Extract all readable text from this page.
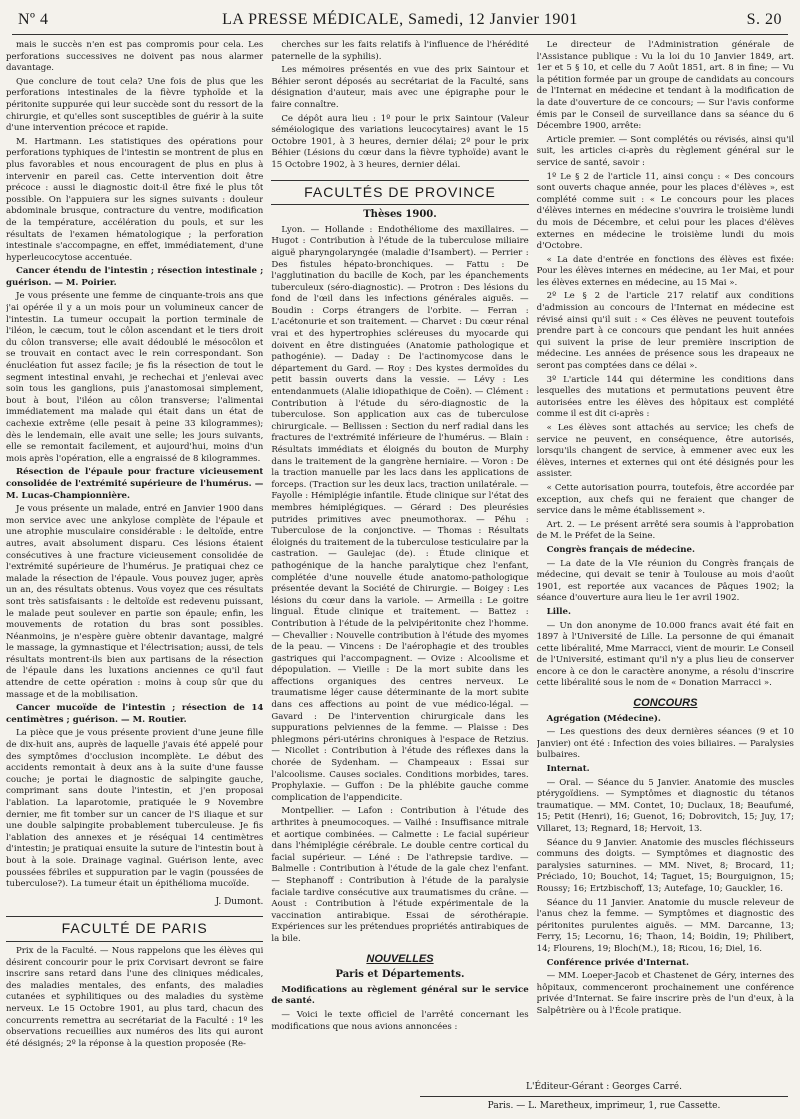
Nº 4	LA PRESSE MÉDICALE, Samedi, 12 Janvier 1901	S. 20

mais le succès n'en est pas compromis pour cela. Les perforations successives ne doivent pas nous alarmer davantage.

Que conclure de tout cela? Une fois de plus que les perforations intestinales de la fièvre typhoïde et la péritonite suppurée qui leur succède sont du ressort de la chirurgie, et qu'elles sont susceptibles de guérir à la suite d'une intervention précoce et rapide.

M. Hartmann. Les statistiques des opérations pour perforations typhiques de l'intestin se montrent de plus en plus favorables et nous encouragent de plus en plus à intervenir en pareil cas. Cette intervention doit être précoce : aussi le diagnostic doit-il être fixé le plus tôt possible. On l'appuiera sur les signes suivants : douleur abdominale brusque, contracture du ventre, modification de la température, accélération du pouls, et sur les résultats de l'examen hématologique ; la perforation intestinale s'accompagne, en effet, immédiatement, d'une hyperleucocytose accentuée.

Cancer étendu de l'intestin ; résection intestinale ; guérison. — M. Poirier.

Je vous présente une femme de cinquante-trois ans que j'ai opérée il y a un mois pour un volumineux cancer de l'intestin. La tumeur occupait la portion terminale de l'iléon, le cæcum, tout le côlon ascendant et le tiers droit du côlon transverse; elle avait dédoublé le mésocôlon et se trouvait en contact avec le rein correspondant. Son énucléation fut assez facile; je fis la résection de tout le segment intestinal envahi, je rechechai et j'enlevai avec soin tous les ganglions, puis j'anastomosai simplement, bout à bout, l'iléon au côlon transverse; l'alimentai immédiatement ma malade qui était dans un état de cachexie extrême (elle pesait à peine 33 kilogrammes); dès le lendemain, elle avait une selle; les jours suivants, elle se remontait facilement, et aujourd'hui, moins d'un mois après l'opération, elle a engraissé de 8 kilogrammes.

Résection de l'épaule pour fracture vicieusement consolidée de l'extrémité supérieure de l'humérus. — M. Lucas-Championnière.

Je vous présente un malade, entré en Janvier 1900 dans mon service avec une ankylose complète de l'épaule et une atrophie musculaire considérable : le deltoïde, entre autres, avait absolument disparu. Ces lésions étaient consécutives à une fracture vicieusement consolidée de l'extrémité supérieure de l'humérus. Je pratiquai chez ce malade la résection de l'épaule. Vous pouvez juger, après un an, des résultats obtenus. Vous voyez que ces résultats sont très satisfaisants : le deltoïde est redevenu puissant, le malade peut soulever en partie son épaule; enfin, les mouvements de rotation du bras sont possibles. Néanmoins, je n'espère guère obtenir davantage, malgré le massage, la gymnastique et l'électrisation; aussi, de tels résultats montrent-ils bien aux partisans de la résection de l'épaule dans les luxations anciennes ce qu'il faut attendre de cette opération : moins à coup sûr que du massage et de la mobilisation.

Cancer mucoïde de l'intestin ; résection de 14 centimètres ; guérison. — M. Routier.

La pièce que je vous présente provient d'une jeune fille de dix-huit ans, auprès de laquelle j'avais été appelé pour des symptômes d'occlusion incomplète. Le début des accidents remontait à deux ans à la suite d'une fausse couche; je portai le diagnostic de salpingite gauche, comprimant sans doute l'intestin, et j'en proposai l'ablation. La laparotomie, pratiquée le 9 Novembre dernier, me fit tomber sur un cancer de l'S iliaque et sur une double salpingite probablement tuberculeuse. Je fis l'ablation des annexes et je réséquai 14 centimètres d'intestin; je pratiquai ensuite la suture de l'intestin bout à bout à la soie. Drainage vaginal. Guérison lente, avec poussées fébriles et suppuration par le vagin (poussées de tuberculose?). La tumeur était un épithélioma mucoïde.

J. Dumont.
FACULTÉ DE PARIS

Prix de la Faculté. — Nous rappelons que les élèves qui désirent concourir pour le prix Corvisart devront se faire inscrire sans retard dans l'une des cliniques médicales, des maladies mentales, des enfants, des maladies cutanées et syphilitiques ou des maladies du système nerveux. Le 15 Octobre 1901, au plus tard, chacun des concurrents remettra au secrétariat de la Faculté : 1º les observations recueillies aux numéros des lits qui auront été désignés; 2º la réponse à la question proposée (Re-

cherches sur les faits relatifs à l'influence de l'hérédité paternelle de la syphilis).

Les mémoires présentés en vue des prix Saintour et Béhier seront déposés au secrétariat de la Faculté, sans désignation d'auteur, mais avec une épigraphe pour le faire connaître.

Ce dépôt aura lieu : 1º pour le prix Saintour (Valeur séméiologique des variations leucocytaires) avant le 15 Octobre 1901, à 3 heures, dernier délai; 2º pour le prix Béhier (Lésions du cœur dans la fièvre typhoïde) avant le 15 Octobre 1902, à 3 heures, dernier délai.

FACULTÉS DE PROVINCE
Thèses 1900.

Lyon. — Hollande : Endothéliome des maxillaires. — Hugot : Contribution à l'étude de la tuberculose miliaire aiguë pharyngolaryngée (maladie d'Isambert). — Perrier : Des fistules hépato-bronchiques. — Fattu : De l'agglutination du bacille de Koch, par les épanchements tuberculeux (séro-diagnostic). — Protron : Des lésions du fond de l'œil dans les infections générales aiguës. — Boudin : Corps étrangers de l'orbite. — Ferran : L'acétonurie et son traitement. — Charvet : Du cœur rénal vrai et des hypertrophies scléreuses du myocarde qui doivent en être distinguées (Anatomie pathologique et pathogénie). — Daday : De l'actinomycose dans le département du Gard. — Roy : Des kystes dermoïdes du petit bassin ouverts dans la vessie. — Lévy : Les entendanmuets (Alalie idiopathique de Coën). — Clément : Contribution à l'étude du séro-diagnostic de la tuberculose. Son application aux cas de tuberculose chirurgicale. — Bellissen : Section du nerf radial dans les fractures de l'extrémité inférieure de l'humérus. — Blain : Résultats immédiats et éloignés du bouton de Murphy dans le traitement de la gangrène herniaire. — Voron : De la traction manuelle par les lacs dans les applications de forceps. (Traction sur les deux lacs, traction unilatérale. — Fayolle : Hémiplégie infantile. Étude clinique sur l'état des membres hémiplégiques. — Gérard : Des pleurésies putrides primitives avec pneumothorax. — Péhu : Tuberculose de la conjonctive. — Thomas : Résultats éloignés du traitement de la tuberculose testiculaire par la castration. — Gaulejac (de). : Étude clinique et pathogénique de la hanche paralytique chez l'enfant, complétée d'une nouvelle étude anatomo-pathologique présentée devant la Société de Chirurgie. — Boigey : Les lésions du cœur dans la variole. — Armeilla : Le goitre lingual. Étude clinique et traitement. — Battez : Contribution à l'étude de la pelvipéritonite chez l'homme. — Chevallier : Nouvelle contribution à l'étude des myomes de la peau. — Vincens : De l'aérophagie et des troubles gastriques qui l'accompagnent. — Ovize : Alcoolisme et dépopulation. — Vieille : De la mort subite dans les affections organiques des centres nerveux. Le traumatisme léger cause déterminante de la mort subite dans ces affections au point de vue médico-légal. — Gavard : De l'intervention chirurgicale dans les suppurations pelviennes de la femme. — Plaisse : Des phlegmons péri-utérins chroniques à l'espace de Retzius. — Nicollet : Contribution à l'étude des réflexes dans la chorée de Sydenham. — Champeaux : Essai sur l'alcoolisme. Causes sociales. Conditions morbides, tares. Prophylaxie. — Guffon : De la phlébite gauche comme complication de l'appendicite.

Montpellier. — Lafon : Contribution à l'étude des arthrites à pneumocoques. — Vailhé : Insuffisance mitrale et aortique combinées. — Calmette : Le facial supérieur dans l'hémiplégie cérébrale. Le double centre cortical du facial supérieur. — Léné : De l'athrepsie tardive. — Balmelle : Contribution à l'étude de la gale chez l'enfant. — Stephanoff : Contribution à l'étude de la paralysie faciale tardive consécutive aux traumatismes du crâne. — Aoust : Contribution à l'étude expérimentale de la vaccination antirabique. Essai de sérothérapie. Expériences sur les prétendues propriétés antirabiques de la bile.

NOUVELLES
Paris et Départements.

Modifications au règlement général sur le service de santé.

— Voici le texte officiel de l'arrêté concernant les modifications que nous avions annoncées :

Le directeur de l'Administration générale de l'Assistance publique : Vu la loi du 10 Janvier 1849, art. 1er et 5 § 10, et celle du 7 Août 1851, art. 8 in fine; — Vu la pétition formée par un groupe de candidats au concours de l'Internat en médecine et tendant à la modification de la date d'ouverture de ce concours; — Sur l'avis conforme émis par le Conseil de surveillance dans sa séance du 6 Décembre 1900, arrête:

Article premier. — Sont complétés ou révisés, ainsi qu'il suit, les articles ci-après du règlement général sur le service de santé, savoir :

1º Le § 2 de l'article 11, ainsi conçu : « Des concours sont ouverts chaque année, pour les places d'élèves », est complété comme suit : « Le concours pour les places d'élèves internes en médecine s'ouvrira le troisième lundi du mois de Décembre, et celui pour les places d'élèves externes en médecine le troisième lundi du mois d'Octobre.

« La date d'entrée en fonctions des élèves est fixée: Pour les élèves internes en médecine, au 1er Mai, et pour les élèves externes en médecine, au 15 Mai ».

2º Le § 2 de l'article 217 relatif aux conditions d'admission au concours de l'Internat en médecine est révisé ainsi qu'il suit : « Ces élèves ne peuvent toutefois prendre part à ce concours que pendant les huit années qui suivent la prise de leur première inscription de médecine. Les années de présence sous les drapeaux ne seront pas comptées dans ce délai ».

3º L'article 144 qui détermine les conditions dans lesquelles des mutations et permutations peuvent être autorisées entre les élèves des hôpitaux est complété comme il est dit ci-après :

« Les élèves sont attachés au service; les chefs de service ne peuvent, en conséquence, être autorisés, lorsqu'ils changent de service, à emmener avec eux les élèves, internes et externes qui ont été désignés pour les assister.

« Cette autorisation pourra, toutefois, être accordée par exception, aux chefs qui ne feraient que changer de service dans le même établissement ».

Art. 2. — Le présent arrêté sera soumis à l'approbation de M. le Préfet de la Seine.

Congrès français de médecine.

— La date de la VIe réunion du Congrès français de médecine, qui devait se tenir à Toulouse au mois d'août 1901, est reportée aux vacances de Pâques 1902; la séance d'ouverture aura lieu le 1er avril 1902.

Lille.

— Un don anonyme de 10.000 francs avait été fait en 1897 à l'Université de Lille. La personne de qui émanait cette libéralité, Mme Marracci, vient de mourir. Le Conseil de l'Université, estimant qu'il n'y a plus lieu de conserver encore à ce don le caractère anonyme, a résolu d'inscrire cette libéralité sous le nom de « Donation Marracci ».

CONCOURS

Agrégation (Médecine).

— Les questions des deux dernières séances (9 et 10 Janvier) ont été : Infection des voies biliaires. — Paralysies bulbaires.

Internat.

— Oral. — Séance du 5 Janvier. Anatomie des muscles ptérygoïdiens. — Symptômes et diagnostic du tétanos traumatique. — MM. Contet, 10; Duclaux, 18; Beaufumé, 15; Petit (Henri), 16; Guenot, 16; Dobrovitch, 15; Juy, 17; Villaret, 13; Regnard, 18; Hervoit, 13.

Séance du 9 Janvier. Anatomie des muscles fléchisseurs communs des doigts. — Symptômes et diagnostic des paralysies saturnines. — MM. Nivet, 8; Brocard, 11; Préciado, 10; Bouchot, 14; Taguet, 15; Bourguignon, 15; Roussy; 16; Ertzbischoff, 13; Autefage, 10; Gauckler, 16.

Séance du 11 Janvier. Anatomie du muscle releveur de l'anus chez la femme. — Symptômes et diagnostic des péritonites purulentes aiguës. — MM. Darcanne, 13; Ferry, 15; Lecornu, 16; Thaon, 14; Boidin, 19; Philibert, 14; Flourens, 19; Bloch(M.), 18; Ricou, 16; Diel, 16.

Conférence privée d'Internat.

— MM. Loeper-Jacob et Chastenet de Géry, internes des hôpitaux, commenceront prochainement une conférence privée d'Internat. Se faire inscrire près de l'un d'eux, à la Salpêtrière ou à l'École pratique.

L'Éditeur-Gérant : Georges Carré.
Paris. — L. Maretheux, imprimeur, 1, rue Cassette.
